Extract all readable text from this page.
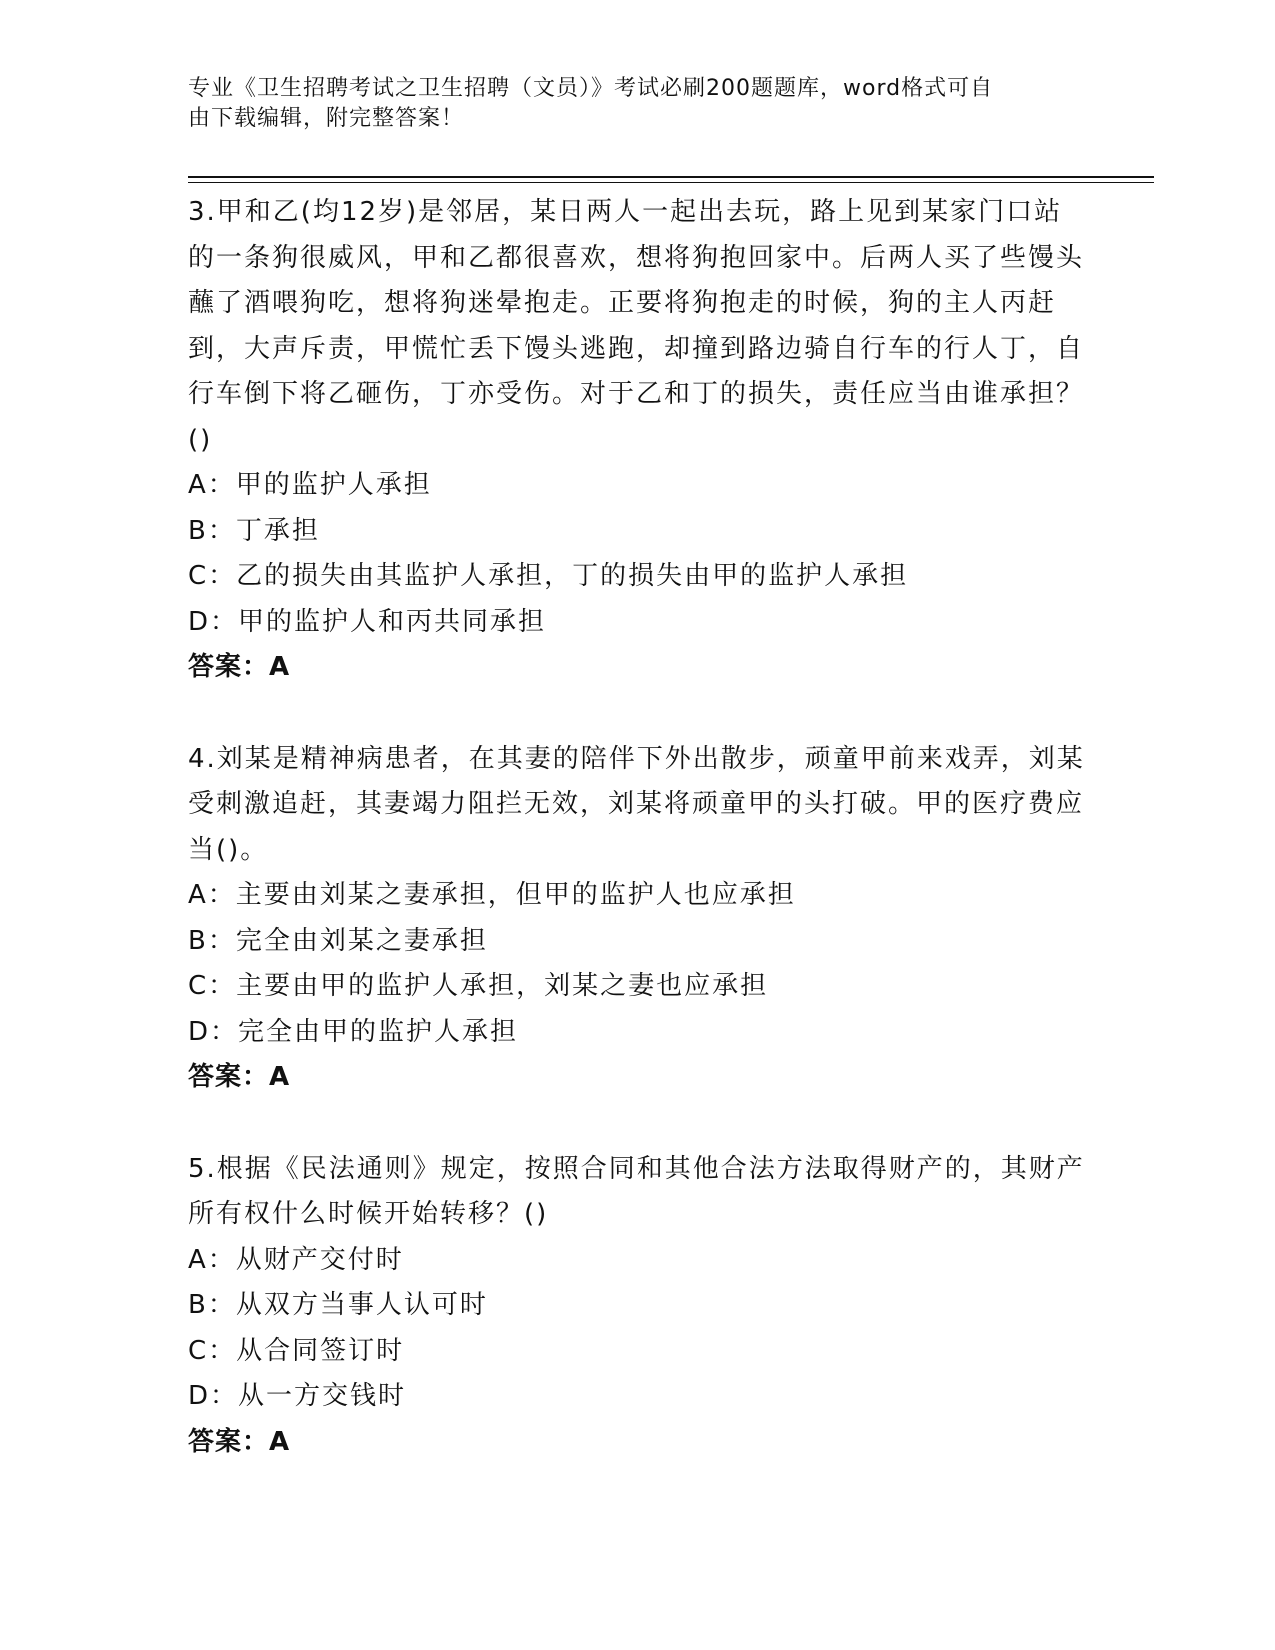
专业《卫生招聘考试之卫生招聘（文员）》考试必刷200题题库，word格式可自
由下载编辑，附完整答案！

3.甲和乙(均12岁)是邻居，某日两人一起出去玩，路上见到某家门口站的一条狗很威风，甲和乙都很喜欢，想将狗抱回家中。后两人买了些馒头蘸了酒喂狗吃，想将狗迷晕抱走。正要将狗抱走的时候，狗的主人丙赶到，大声斥责，甲慌忙丢下馒头逃跑，却撞到路边骑自行车的行人丁，自行车倒下将乙砸伤，丁亦受伤。对于乙和丁的损失，责任应当由谁承担？()

A：甲的监护人承担

B：丁承担

C：乙的损失由其监护人承担，丁的损失由甲的监护人承担

D：甲的监护人和丙共同承担

答案：A

4.刘某是精神病患者，在其妻的陪伴下外出散步，顽童甲前来戏弄，刘某受刺激追赶，其妻竭力阻拦无效，刘某将顽童甲的头打破。甲的医疗费应当()。

A：主要由刘某之妻承担，但甲的监护人也应承担

B：完全由刘某之妻承担

C：主要由甲的监护人承担，刘某之妻也应承担

D：完全由甲的监护人承担

答案：A

5.根据《民法通则》规定，按照合同和其他合法方法取得财产的，其财产所有权什么时候开始转移？()

A：从财产交付时

B：从双方当事人认可时

C：从合同签订时

D：从一方交钱时

答案：A
